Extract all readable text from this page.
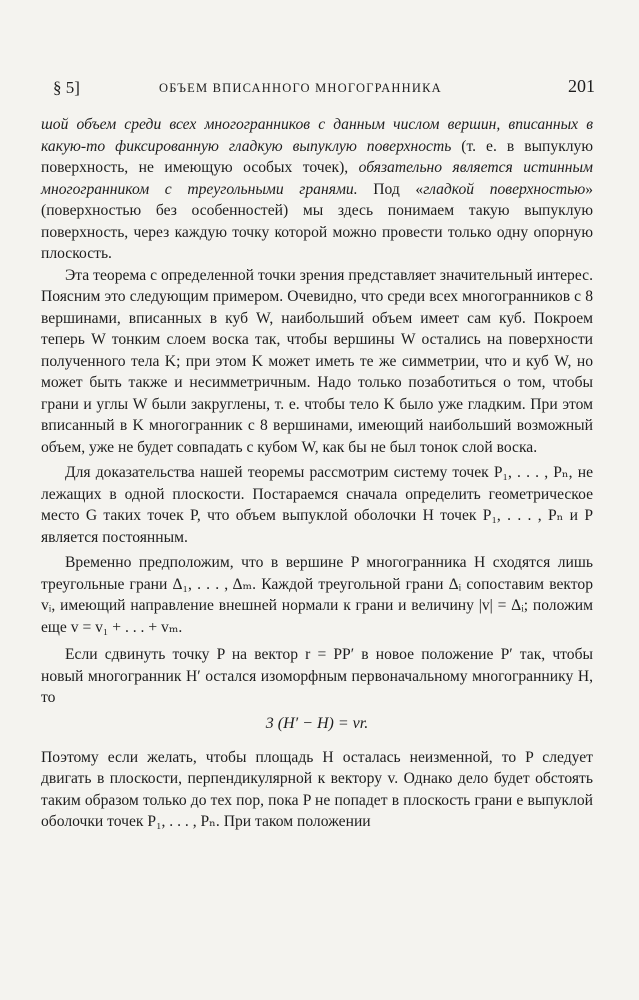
§ 5]	ОБЪЕМ ВПИСАННОГО МНОГОГРАННИКА	201

шой объем среди всех многогранников с данным числом вершин, вписанных в какую-то фиксированную гладкую выпуклую поверхность (т. е. в выпуклую поверхность, не имеющую особых точек), обязательно является истинным многогранником с треугольными гранями. Под «гладкой поверхностью» (поверхностью без особенностей) мы здесь понимаем такую выпуклую поверхность, через каждую точку которой можно провести только одну опорную плоскость.

Эта теорема с определенной точки зрения представляет значительный интерес. Поясним это следующим примером. Очевидно, что среди всех многогранников с 8 вершинами, вписанных в куб W, наибольший объем имеет сам куб. Покроем теперь W тонким слоем воска так, чтобы вершины W остались на поверхности полученного тела K; при этом K может иметь те же симметрии, что и куб W, но может быть также и несимметричным. Надо только позаботиться о том, чтобы грани и углы W были закруглены, т. е. чтобы тело K было уже гладким. При этом вписанный в K многогранник с 8 вершинами, имеющий наибольший возможный объем, уже не будет совпадать с кубом W, как бы не был тонок слой воска.

Для доказательства нашей теоремы рассмотрим систему точек P₁, . . . , Pₙ, не лежащих в одной плоскости. Постараемся сначала определить геометрическое место G таких точек P, что объем выпуклой оболочки H точек P₁, . . . , Pₙ и P является постоянным.

Временно предположим, что в вершине P многогранника H сходятся лишь треугольные грани Δ₁, . . . , Δₘ. Каждой треугольной грани Δᵢ сопоставим вектор vᵢ, имеющий направление внешней нормали к грани и величину |v| = Δᵢ; положим еще v = v₁ + . . . + vₘ.

Если сдвинуть точку P на вектор r = PP′ в новое положение P′ так, чтобы новый многогранник H′ остался изоморфным первоначальному многограннику H, то

3 (H′ − H) = vr.

Поэтому если желать, чтобы площадь H осталась неизменной, то P следует двигать в плоскости, перпендикулярной к вектору v. Однако дело будет обстоять таким образом только до тех пор, пока P не попадет в плоскость грани e выпуклой оболочки точек P₁, . . . , Pₙ. При таком положении
